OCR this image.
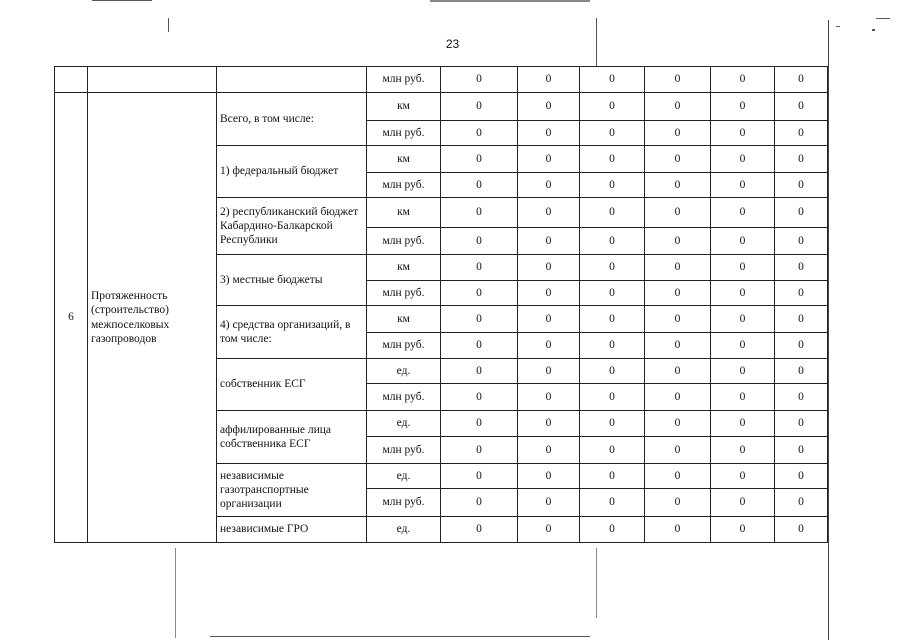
23
			млн руб.	0	0	0	0	0	0
6	Протяженность (строительство) межпоселковых газопроводов	Всего, в том числе:	км	0	0	0	0	0	0
			млн руб.	0	0	0	0	0	0
		1) федеральный бюджет	км	0	0	0	0	0	0
			млн руб.	0	0	0	0	0	0
		2) республиканский бюджет Кабардино-Балкарской Республики	км	0	0	0	0	0	0
			млн руб.	0	0	0	0	0	0
		3) местные бюджеты	км	0	0	0	0	0	0
			млн руб.	0	0	0	0	0	0
		4) средства организаций, в том числе:	км	0	0	0	0	0	0
			млн руб.	0	0	0	0	0	0
		собственник ЕСГ	ед.	0	0	0	0	0	0
			млн руб.	0	0	0	0	0	0
		аффилированные лица собственника ЕСГ	ед.	0	0	0	0	0	0
			млн руб.	0	0	0	0	0	0
		независимые газотранспортные организации	ед.	0	0	0	0	0	0
			млн руб.	0	0	0	0	0	0
		независимые ГРО	ед.	0	0	0	0	0	0
